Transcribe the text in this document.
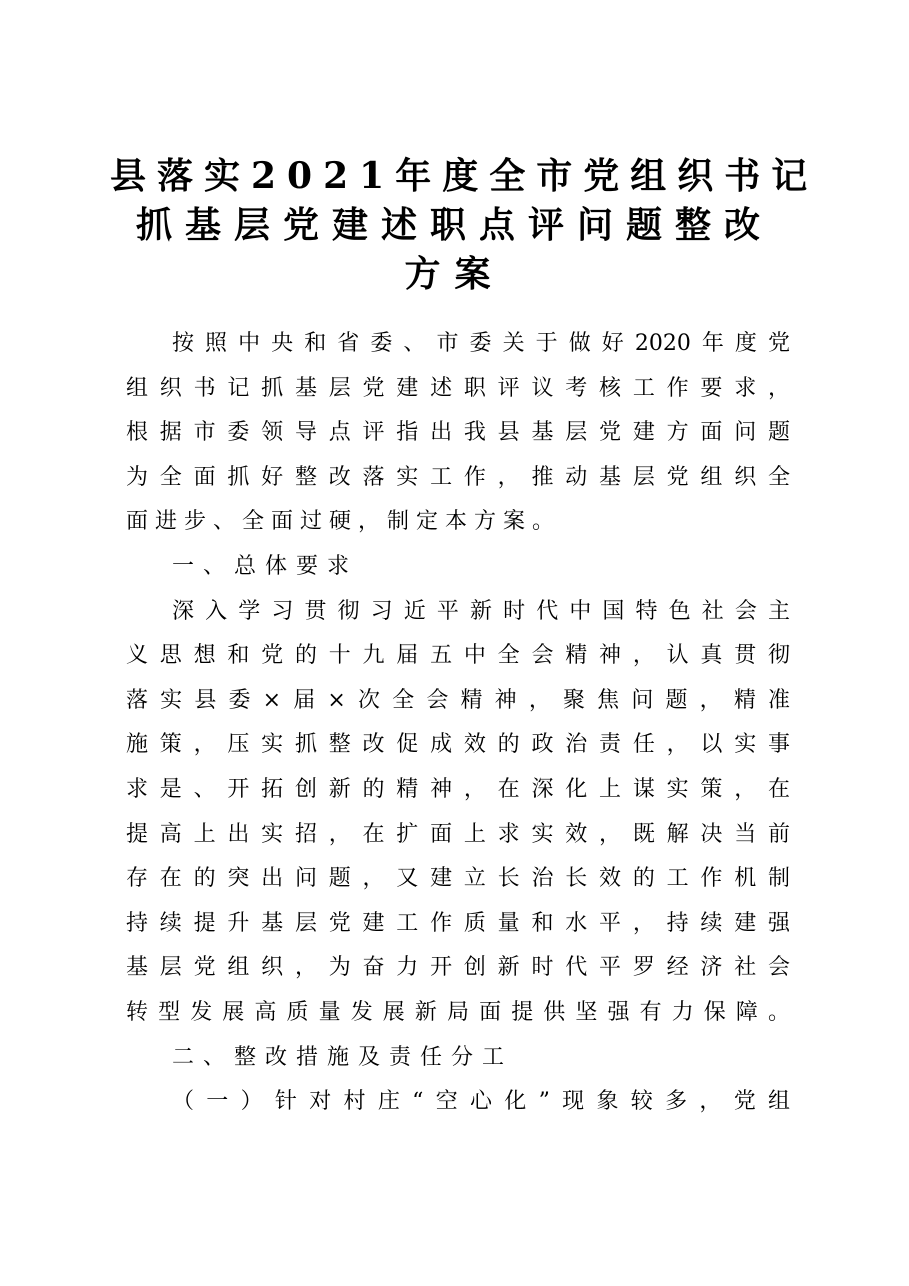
县落实2021年度全市党组织书记
抓基层党建述职点评问题整改
方案
按照中央和省委、市委关于做好2020年度党
组织书记抓基层党建述职评议考核工作要求，
根据市委领导点评指出我县基层党建方面问题
为全面抓好整改落实工作，推动基层党组织全
面进步、全面过硬，制定本方案。
一、总体要求
深入学习贯彻习近平新时代中国特色社会主
义思想和党的十九届五中全会精神，认真贯彻
落实县委×届×次全会精神，聚焦问题，精准
施策，压实抓整改促成效的政治责任，以实事
求是、开拓创新的精神，在深化上谋实策，在
提高上出实招，在扩面上求实效，既解决当前
存在的突出问题，又建立长治长效的工作机制
持续提升基层党建工作质量和水平，持续建强
基层党组织，为奋力开创新时代平罗经济社会
转型发展高质量发展新局面提供坚强有力保障。
二、整改措施及责任分工
（一）针对村庄“空心化”现象较多，党组
